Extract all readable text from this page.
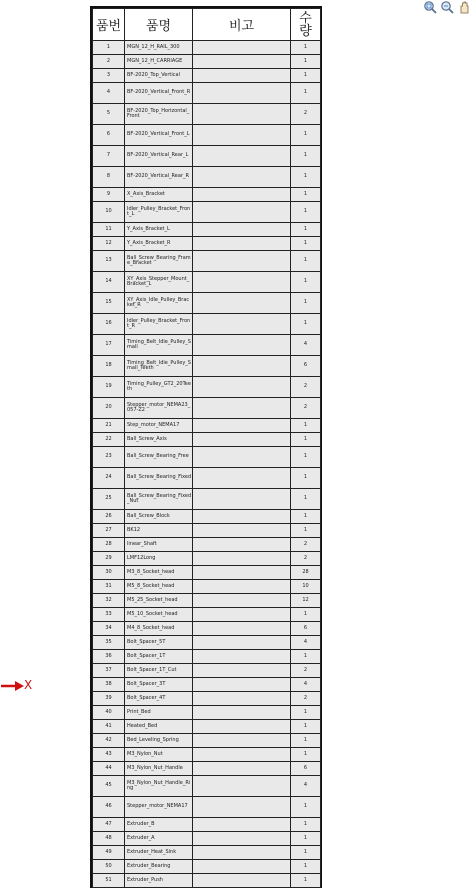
품번	품명	비고	수
량
1	MGN_12_H_RAIL_300		1
2	MGN_12_H_CARRIAGE		1
3	BF-2020_Top_Vertical		1
4	BF-2020_Vertical_Front_R		1
5	BF-2020_Top_Horizontal_Front		2
6	BF-2020_Vertical_Front_L		1
7	BF-2020_Vertical_Rear_L		1
8	BF-2020_Vertical_Rear_R		1
9	X_Axis_Bracket		1
10	Idler_Pulley_Bracket_Front_L		1
11	Y_Axis_Bracket_L		1
12	Y_Axis_Bracket_R		1
13	Ball_Screw_Bearing_Frame_Bracket		1
14	XY_Axis_Stepper_Mount_Bracket_L		1
15	XY_Axis_Idle_Pulley_Bracket_R		1
16	Idler_Pulley_Bracket_Front_R		1
17	Timing_Belt_Idle_Pulley_Small		4
18	Timing_Belt_Idle_Pulley_Small_Teeth		6
19	Timing_Pulley_GT2_20Teeth		2
20	Stepper_motor_NEMA23_057-Z2		2
21	Step_motor_NEMA17		1
22	Ball_Screw_Axis		1
23	Ball_Screw_Bearing_Free		1
24	Ball_Screw_Bearing_Fixed		1
25	Ball_Screw_Bearing_Fixed_Nut		1
26	Ball_Screw_Block		1
27	BK12		1
28	linear_Shaft		2
29	LMF12Long		2
30	M3_8_Socket_head		28
31	M5_8_Socket_head		10
32	M5_25_Socket_head		12
33	M5_10_Socket_head		1
34	M4_8_Socket_head		6
35	Bolt_Spacer_5T		4
36	Bolt_Spacer_1T		1
37	Bolt_Spacer_1T_Cut		2
38	Bolt_Spacer_3T		4
39	Bolt_Spacer_4T		2
40	Print_Bed		1
41	Heated_Bed		1
42	Bed_Leveling_Spring		1
43	M3_Nylon_Nut		1
44	M3_Nylon_Nut_Handle		6
45	M3_Nylon_Nut_Handle_Ring		4
46	Stepper_motor_NEMA17		1
47	Extruder_B		1
48	Extruder_A		1
49	Extruder_Heat_Sink		1
50	Extruder_Bearing		1
51	Extruder_Push		1
X
